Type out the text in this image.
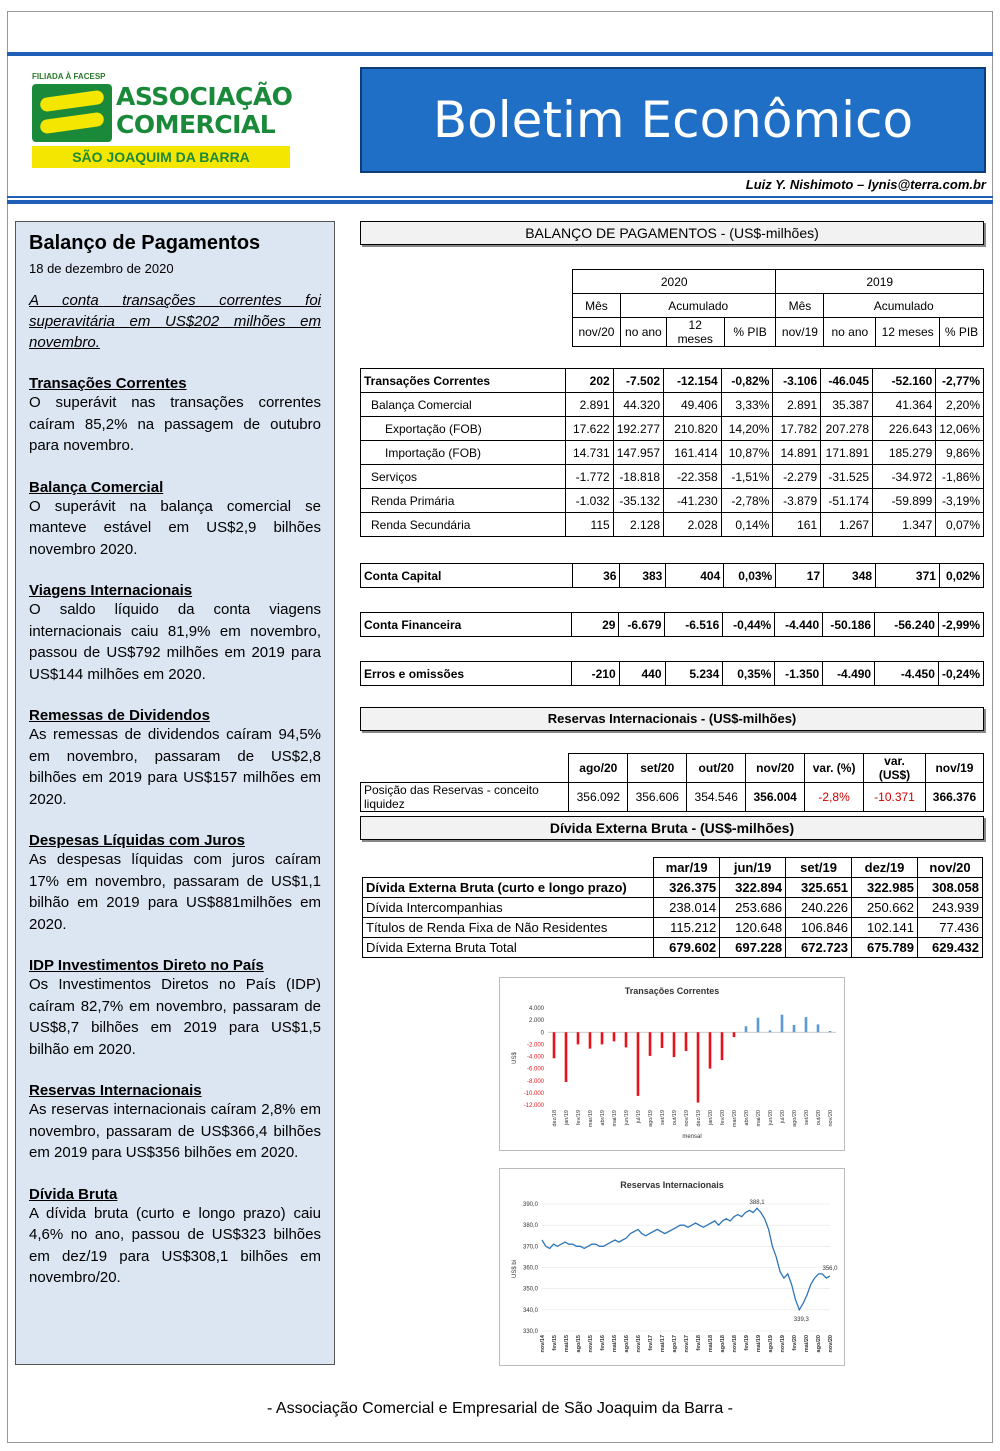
FILIADA À FACESP
ASSOCIAÇÃO
COMERCIAL
SÃO JOAQUIM DA BARRA
Boletim Econômico
Luiz Y. Nishimoto – lynis@terra.com.br
Balanço de Pagamentos
18 de dezembro de 2020
A conta transações correntes foi superavitária em US$202 milhões em novembro.
Transações Correntes

O superávit nas transações correntes caíram 85,2% na passagem de outubro para novembro.

Balança Comercial

O superávit na balança comercial se manteve estável em US$2,9 bilhões novembro 2020.

Viagens Internacionais

O saldo líquido da conta viagens internacionais caiu 81,9% em novembro, passou de US$792 milhões em 2019 para US$144 milhões em 2020.

Remessas de Dividendos

As remessas de dividendos caíram 94,5% em novembro, passaram de US$2,8 bilhões em 2019 para US$157 milhões em 2020.

Despesas Líquidas com Juros

As despesas líquidas com juros caíram 17% em novembro, passaram de US$1,1 bilhão em 2019 para US$881milhões em 2020.

IDP Investimentos Direto no País

Os Investimentos Diretos no País (IDP) caíram 82,7% em novembro, passaram de US$8,7 bilhões em 2019 para US$1,5 bilhão em 2020.

Reservas Internacionais

As reservas internacionais caíram 2,8% em novembro, passaram de US$366,4 bilhões em 2019 para US$356 bilhões em 2020.

Dívida Bruta

A dívida bruta (curto e longo prazo) caiu 4,6% no ano, passou de US$323 bilhões em dez/19 para US$308,1 bilhões em novembro/20.

BALANÇO DE PAGAMENTOS - (US$-milhões)
2020				2019			
Mês	Acumulado			Mês	Acumulado		
nov/20	no ano	12 meses	% PIB	nov/19	no ano	12 meses	% PIB
Transações Correntes	202	-7.502	-12.154	-0,82%	-3.106	-46.045	-52.160	-2,77%
Balança Comercial	2.891	44.320	49.406	3,33%	2.891	35.387	41.364	2,20%
Exportação (FOB)	17.622	192.277	210.820	14,20%	17.782	207.278	226.643	12,06%
Importação (FOB)	14.731	147.957	161.414	10,87%	14.891	171.891	185.279	9,86%
Serviços	-1.772	-18.818	-22.358	-1,51%	-2.279	-31.525	-34.972	-1,86%
Renda Primária	-1.032	-35.132	-41.230	-2,78%	-3.879	-51.174	-59.899	-3,19%
Renda Secundária	115	2.128	2.028	0,14%	161	1.267	1.347	0,07%
Conta Capital	36	383	404	0,03%	17	348	371	0,02%
Conta Financeira	29	-6.679	-6.516	-0,44%	-4.440	-50.186	-56.240	-2,99%
Erros e omissões	-210	440	5.234	0,35%	-1.350	-4.490	-4.450	-0,24%
Reservas Internacionais - (US$-milhões)
	ago/20	set/20	out/20	nov/20	var. (%)	var. (US$)	nov/19
Posição das Reservas - conceito liquidez	356.092	356.606	354.546	356.004	-2,8%	-10.371	366.376
Dívida Externa Bruta - (US$-milhões)
	mar/19	jun/19	set/19	dez/19	nov/20
Dívida Externa Bruta (curto e longo prazo)	326.375	322.894	325.651	322.985	308.058
Dívida Intercompanhias	238.014	253.686	240.226	250.662	243.939
Títulos de Renda Fixa de Não Residentes	115.212	120.648	106.846	102.141	77.436
Dívida Externa Bruta Total	679.602	697.228	672.723	675.789	629.432
Transações Correntes
4.000
2.000
0
-2.000
-4.000
-6.000
-8.000
-10.000
-12.000
US$
dez/18 jan/19 fev/19 mar/19 abr/19 mai/19 jun/19 jul/19 ago/19 set/19 out/19 nov/19 dez/19 jan/20 fev/20 mar/20 abr/20 mai/20 jun/20 jul/20 ago/20 set/20 out/20 nov/20
mensal
Reservas Internacionais
390,0
380,0
370,0
360,0
350,0
340,0
330,0
US$ bi
388,1
356,0
339,3
nov/14 fev/15 mai/15 ago/15 nov/15 fev/16 mai/16 ago/16 nov/16 fev/17 mai/17 ago/17 nov/17 fev/18 mai/18 ago/18 nov/18 fev/19 mai/19 ago/19 nov/19 fev/20 mai/20 ago/20 nov/20
- Associação Comercial e Empresarial de São Joaquim da Barra -
